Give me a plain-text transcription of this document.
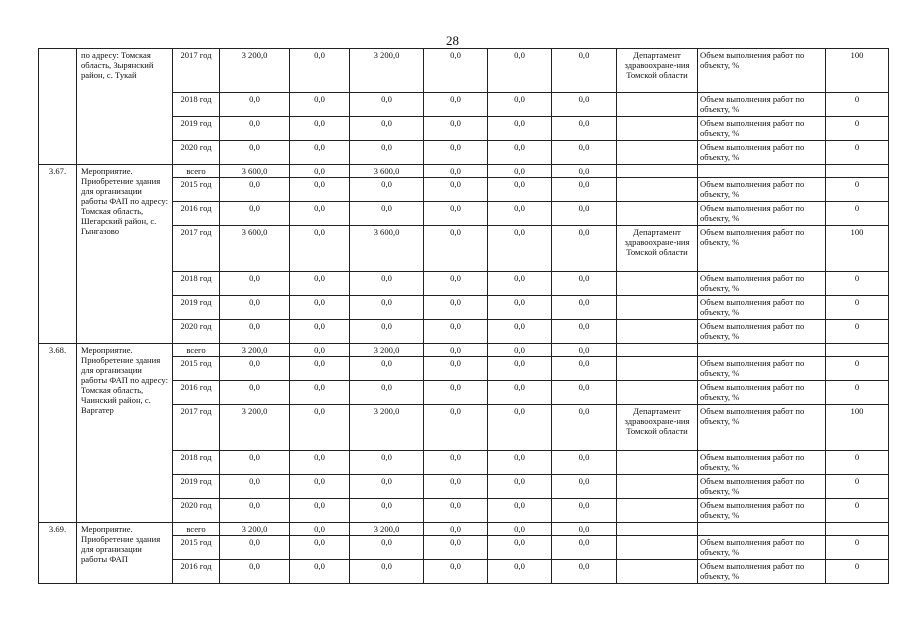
28
	по адресу: Томская область, Зырянский район, с. Тукай	2017 год	3 200,0	0,0	3 200,0	0,0	0,0	0,0	Департамент здравоохране-ния Томской области	Объем выполнения работ по объекту, %	100
		2018 год	0,0	0,0	0,0	0,0	0,0	0,0		Объем выполнения работ по объекту, %	0
		2019 год	0,0	0,0	0,0	0,0	0,0	0,0		Объем выполнения работ по объекту, %	0
		2020 год	0,0	0,0	0,0	0,0	0,0	0,0		Объем выполнения работ по объекту, %	0
3.67.	Мероприятие. Приобретение здания для организации работы ФАП по адресу: Томская область, Шегарский район, с. Гынгазово	всего	3 600,0	0,0	3 600,0	0,0	0,0	0,0			
		2015 год	0,0	0,0	0,0	0,0	0,0	0,0		Объем выполнения работ по объекту, %	0
		2016 год	0,0	0,0	0,0	0,0	0,0	0,0		Объем выполнения работ по объекту, %	0
		2017 год	3 600,0	0,0	3 600,0	0,0	0,0	0,0	Департамент здравоохране-ния Томской области	Объем выполнения работ по объекту, %	100
		2018 год	0,0	0,0	0,0	0,0	0,0	0,0		Объем выполнения работ по объекту, %	0
		2019 год	0,0	0,0	0,0	0,0	0,0	0,0		Объем выполнения работ по объекту, %	0
		2020 год	0,0	0,0	0,0	0,0	0,0	0,0		Объем выполнения работ по объекту, %	0
3.68.	Мероприятие. Приобретение здания для организации работы ФАП по адресу: Томская область, Чаинский район, с. Варгатер	всего	3 200,0	0,0	3 200,0	0,0	0,0	0,0			
		2015 год	0,0	0,0	0,0	0,0	0,0	0,0		Объем выполнения работ по объекту, %	0
		2016 год	0,0	0,0	0,0	0,0	0,0	0,0		Объем выполнения работ по объекту, %	0
		2017 год	3 200,0	0,0	3 200,0	0,0	0,0	0,0	Департамент здравоохране-ния Томской области	Объем выполнения работ по объекту, %	100
		2018 год	0,0	0,0	0,0	0,0	0,0	0,0		Объем выполнения работ по объекту, %	0
		2019 год	0,0	0,0	0,0	0,0	0,0	0,0		Объем выполнения работ по объекту, %	0
		2020 год	0,0	0,0	0,0	0,0	0,0	0,0		Объем выполнения работ по объекту, %	0
3.69.	Мероприятие. Приобретение здания для организации работы ФАП	всего	3 200,0	0,0	3 200,0	0,0	0,0	0,0			
		2015 год	0,0	0,0	0,0	0,0	0,0	0,0		Объем выполнения работ по объекту, %	0
		2016 год	0,0	0,0	0,0	0,0	0,0	0,0		Объем выполнения работ по объекту, %	0
